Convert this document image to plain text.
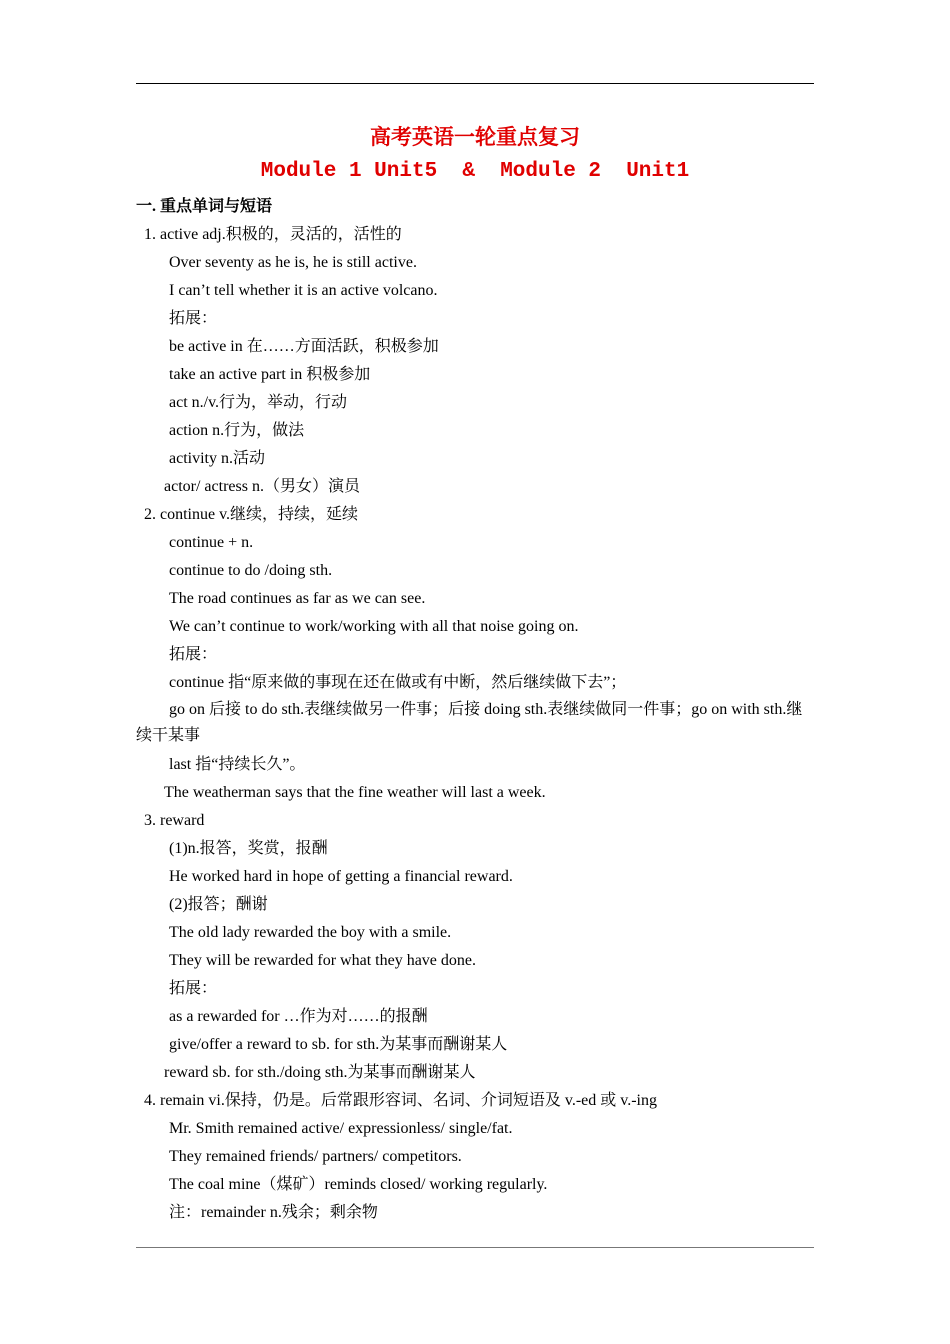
高考英语一轮重点复习
Module 1 Unit5  &  Module 2  Unit1
一. 重点单词与短语
1. active adj.积极的，灵活的，活性的
Over seventy as he is, he is still active.
I can’t tell whether it is an active volcano.
拓展：
be active in 在……方面活跃，积极参加
take an active part in 积极参加
act n./v.行为，举动，行动
action n.行为，做法
activity n.活动
actor/ actress n.（男女）演员
2. continue v.继续，持续，延续
continue + n.
continue to do /doing sth.
The road continues as far as we can see.
We can’t continue to work/working with all that noise going on.
拓展：
continue 指“原来做的事现在还在做或有中断，然后继续做下去”；
go on 后接 to do sth.表继续做另一件事；后接 doing sth.表继续做同一件事；go on with sth.继续干某事
last 指“持续长久”。
The weatherman says that the fine weather will last a week.
3. reward
(1)n.报答，奖赏，报酬
He worked hard in hope of getting a financial reward.
(2)报答；酬谢
The old lady rewarded the boy with a smile.
They will be rewarded for what they have done.
拓展：
as a rewarded for …作为对……的报酬
give/offer a reward to sb. for sth.为某事而酬谢某人
reward sb. for sth./doing sth.为某事而酬谢某人
4. remain vi.保持，仍是。后常跟形容词、名词、介词短语及 v.-ed 或 v.-ing
Mr. Smith remained active/ expressionless/ single/fat.
They remained friends/ partners/ competitors.
The coal mine（煤矿）reminds closed/ working regularly.
注：remainder n.残余；剩余物
